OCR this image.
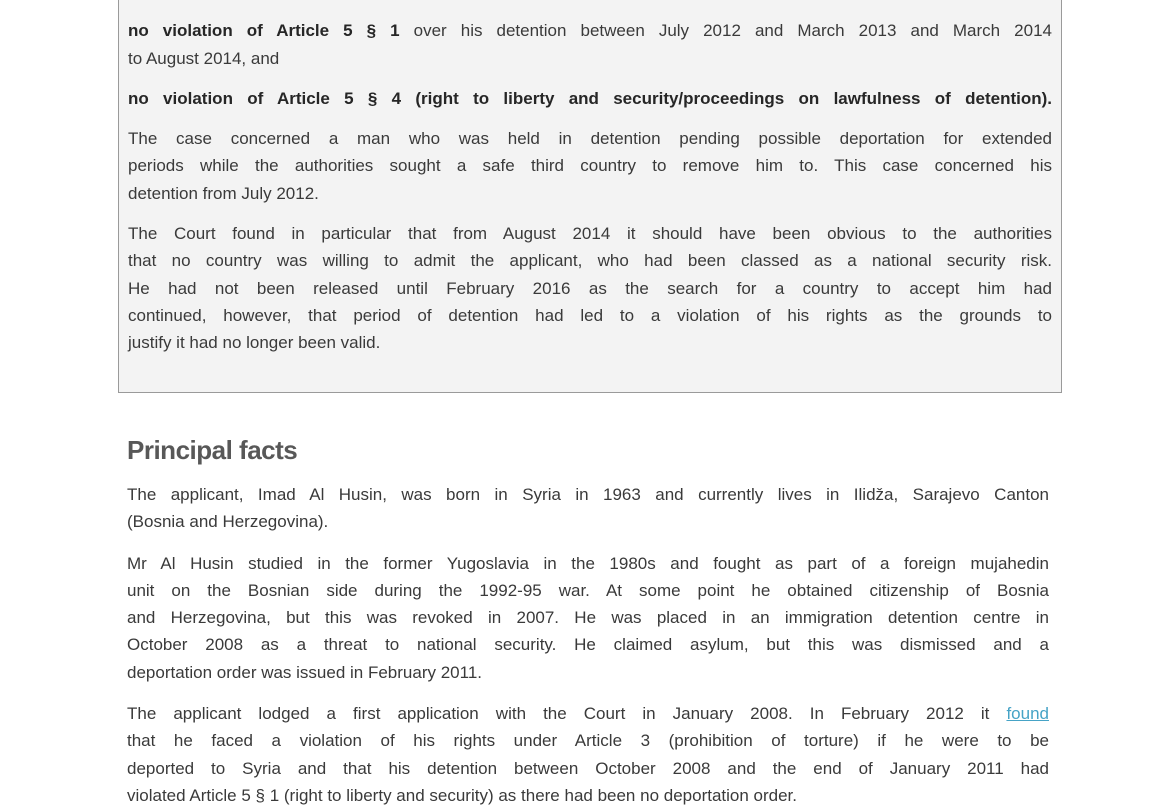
no violation of Article 5 § 1 over his detention between July 2012 and March 2013 and March 2014
to August 2014, and
no violation of Article 5 § 4 (right to liberty and security/proceedings on lawfulness of detention).
The case concerned a man who was held in detention pending possible deportation for extended
periods while the authorities sought a safe third country to remove him to. This case concerned his
detention from July 2012.
The Court found in particular that from August 2014 it should have been obvious to the authorities
that no country was willing to admit the applicant, who had been classed as a national security risk.
He had not been released until February 2016 as the search for a country to accept him had
continued, however, that period of detention had led to a violation of his rights as the grounds to
justify it had no longer been valid.
Principal facts
The applicant, Imad Al Husin, was born in Syria in 1963 and currently lives in Ilidža, Sarajevo Canton
(Bosnia and Herzegovina).
Mr Al Husin studied in the former Yugoslavia in the 1980s and fought as part of a foreign mujahedin
unit on the Bosnian side during the 1992-95 war. At some point he obtained citizenship of Bosnia
and Herzegovina, but this was revoked in 2007. He was placed in an immigration detention centre in
October 2008 as a threat to national security. He claimed asylum, but this was dismissed and a
deportation order was issued in February 2011.
The applicant lodged a first application with the Court in January 2008. In February 2012 it found
that he faced a violation of his rights under Article 3 (prohibition of torture) if he were to be
deported to Syria and that his detention between October 2008 and the end of January 2011 had
violated Article 5 § 1 (right to liberty and security) as there had been no deportation order.
